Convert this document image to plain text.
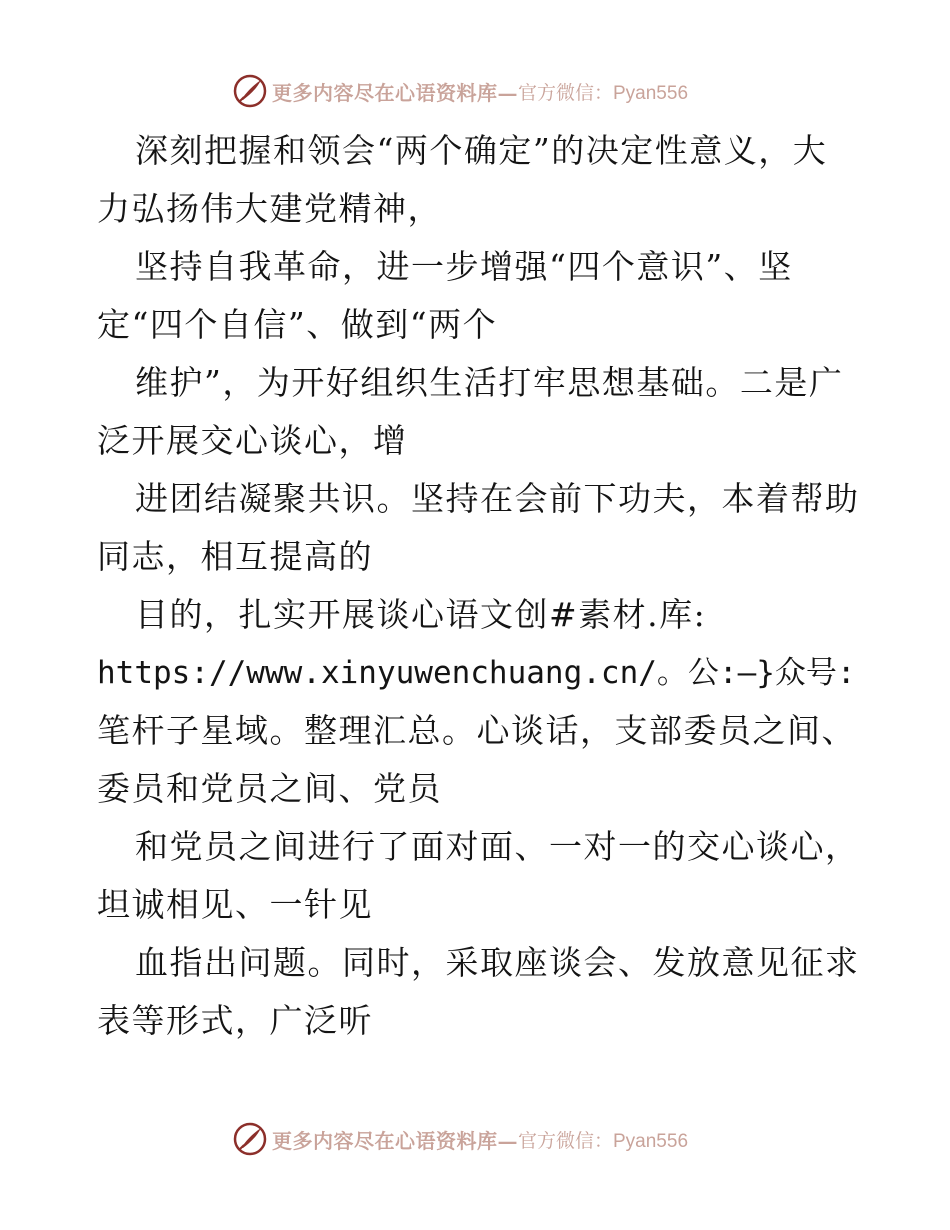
更多内容尽在心语资料库— 官方微信：Pyan556
深刻把握和领会“两个确定”的决定性意义，大
力弘扬伟大建党精神，
坚持自我革命，进一步增强“四个意识”、坚
定“四个自信”、做到“两个
维护”，为开好组织生活打牢思想基础。二是广
泛开展交心谈心，增
进团结凝聚共识。坚持在会前下功夫，本着帮助
同志，相互提高的
目的，扎实开展谈心语文创#素材.库:
https://www.xinyuwenchuang.cn/。公:—}众号:
笔杆子星域。整理汇总。心谈话，支部委员之间、
委员和党员之间、党员
和党员之间进行了面对面、一对一的交心谈心，
坦诚相见、一针见
血指出问题。同时，采取座谈会、发放意见征求
表等形式，广泛听
更多内容尽在心语资料库— 官方微信：Pyan556
